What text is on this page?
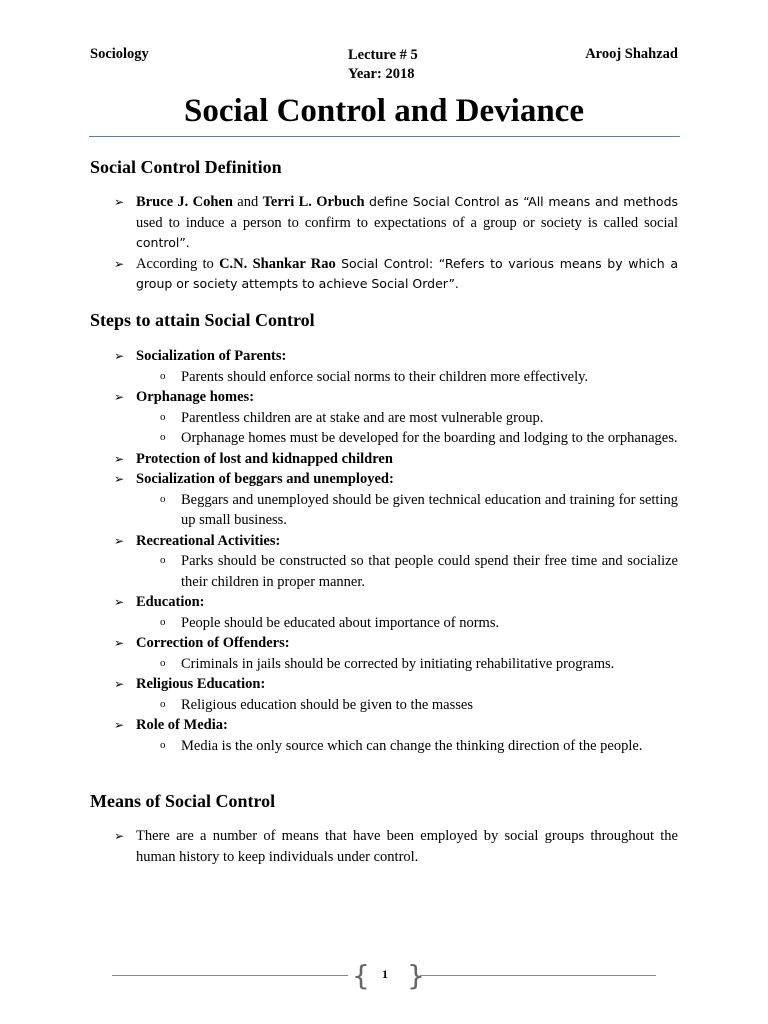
Sociology	Lecture # 5
Year: 2018
Arooj Shahzad
Social Control and Deviance
Social Control Definition
➢ Bruce J. Cohen and Terri L. Orbuch define Social Control as “All means and methods used to induce a person to confirm to expectations of a group or society is called social control”.
➢ According to C.N. Shankar Rao Social Control: “Refers to various means by which a group or society attempts to achieve Social Order”.
Steps to attain Social Control
➢ Socialization of Parents:
o Parents should enforce social norms to their children more effectively.
➢ Orphanage homes:
o Parentless children are at stake and are most vulnerable group.
o Orphanage homes must be developed for the boarding and lodging to the orphanages.
➢ Protection of lost and kidnapped children
➢ Socialization of beggars and unemployed:
o Beggars and unemployed should be given technical education and training for setting up small business.
➢ Recreational Activities:
o Parks should be constructed so that people could spend their free time and socialize their children in proper manner.
➢ Education:
o People should be educated about importance of norms.
➢ Correction of Offenders:
o Criminals in jails should be corrected by initiating rehabilitative programs.
➢ Religious Education:
o Religious education should be given to the masses
➢ Role of Media:
o Media is the only source which can change the thinking direction of the people.
Means of Social Control
➢ There are a number of means that have been employed by social groups throughout the human history to keep individuals under control.
{	1 }
